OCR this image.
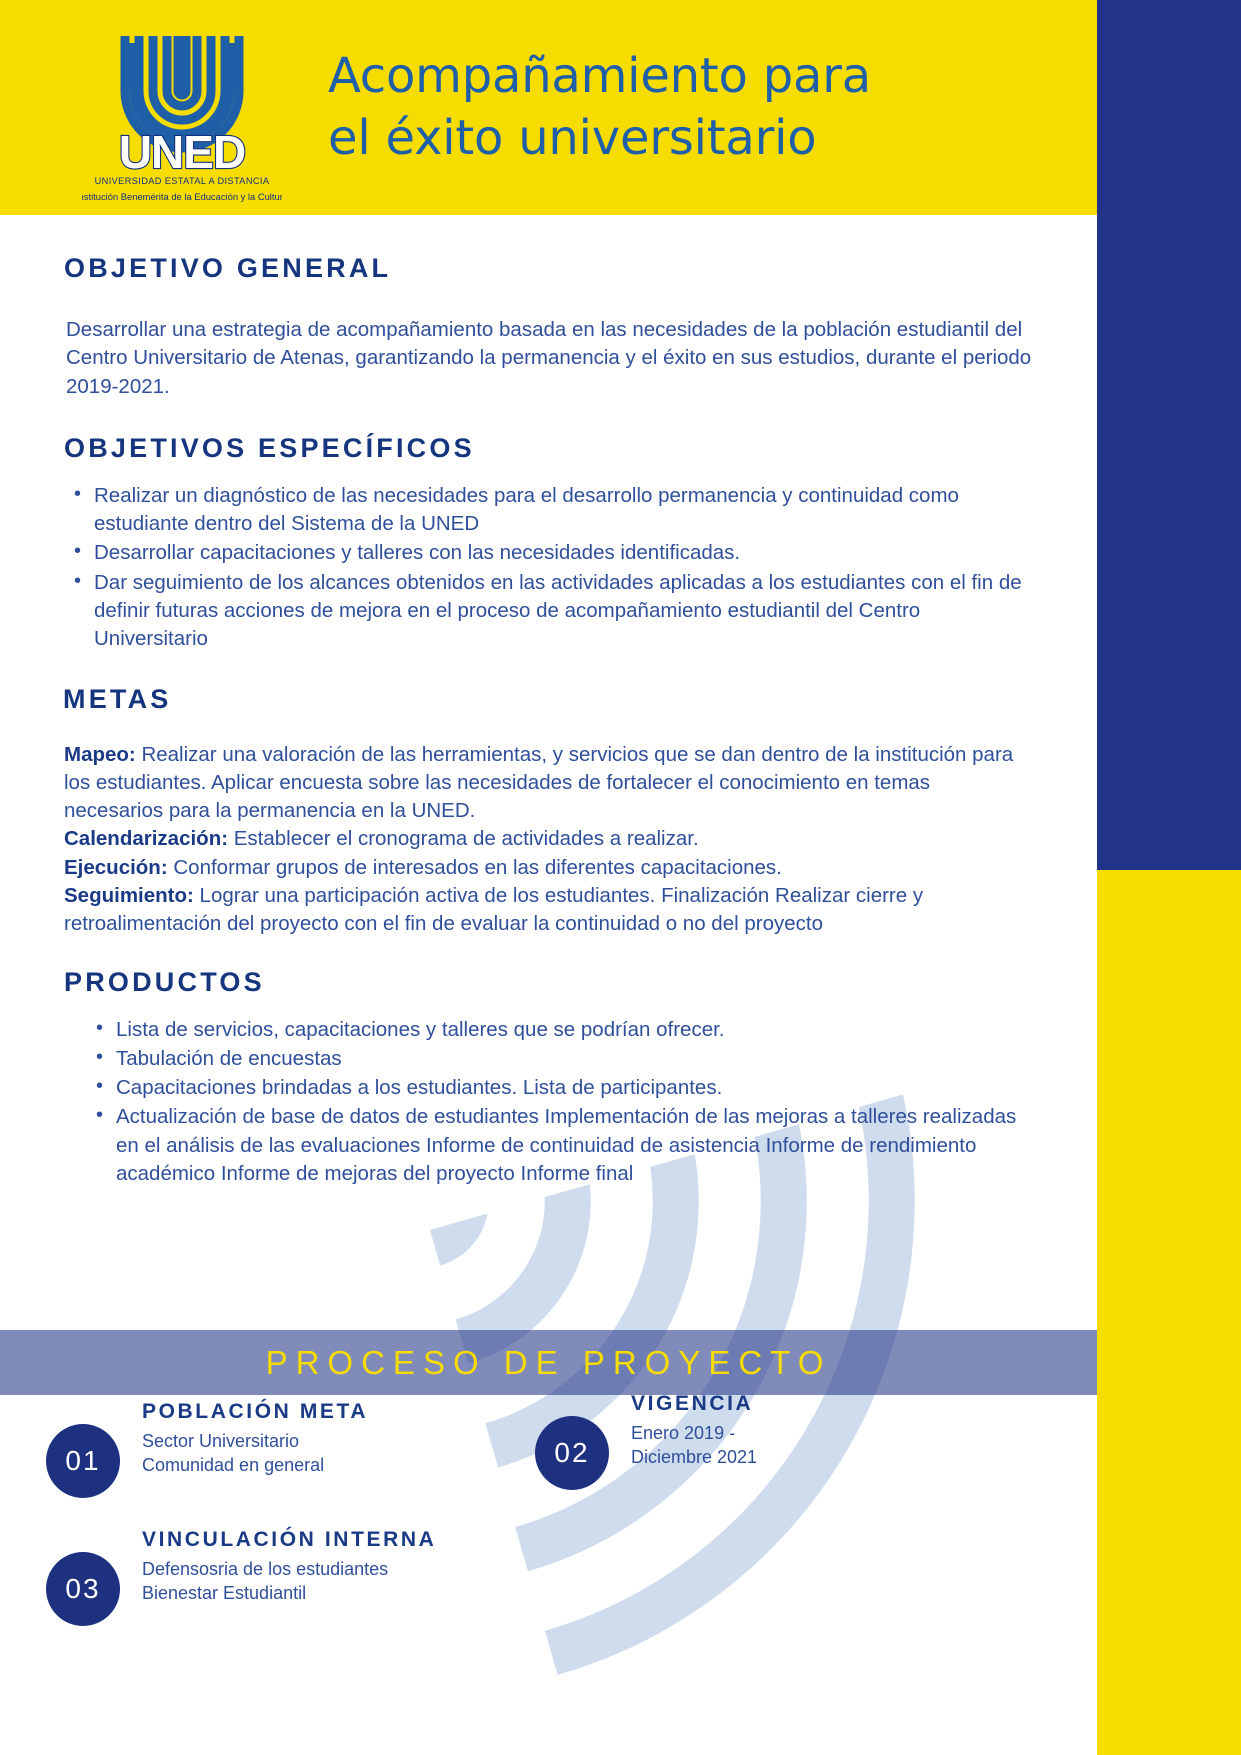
UNED
UNIVERSIDAD ESTATAL A DISTANCIA
Institución Benemérita de la Educación y la Cultura
Acompañamiento para
el éxito universitario
OBJETIVO GENERAL

Desarrollar una estrategia de acompañamiento basada en las necesidades de la población estudiantil del Centro Universitario de Atenas, garantizando la permanencia y el éxito en sus estudios, durante el periodo 2019-2021.

OBJETIVOS ESPECÍFICOS
• Realizar un diagnóstico de las necesidades para el desarrollo permanencia y continuidad como estudiante dentro del Sistema de la UNED
• Desarrollar capacitaciones y talleres con las necesidades identificadas.
• Dar seguimiento de los alcances obtenidos en las actividades aplicadas a los estudiantes con el fin de definir futuras acciones de mejora en el proceso de acompañamiento estudiantil del Centro Universitario
METAS

Mapeo: Realizar una valoración de las herramientas, y servicios que se dan dentro de la institución para los estudiantes. Aplicar encuesta sobre las necesidades de fortalecer el conocimiento en temas necesarios para la permanencia en la UNED.

Calendarización: Establecer el cronograma de actividades a realizar.

Ejecución: Conformar grupos de interesados en las diferentes capacitaciones.

Seguimiento: Lograr una participación activa de los estudiantes. Finalización Realizar cierre y retroalimentación del proyecto con el fin de evaluar la continuidad o no del proyecto

PRODUCTOS
• Lista de servicios, capacitaciones y talleres que se podrían ofrecer.
• Tabulación de encuestas
• Capacitaciones brindadas a los estudiantes. Lista de participantes.
• Actualización de base de datos de estudiantes Implementación de las mejoras a talleres realizadas en el análisis de las evaluaciones Informe de continuidad de asistencia Informe de rendimiento académico Informe de mejoras del proyecto Informe final
PROCESO DE PROYECTO
01
POBLACIÓN META
Sector Universitario
Comunidad en general	02
VIGENCIA
Enero 2019 -
Diciembre 2021
03
VINCULACIÓN INTERNA
Defensosria de los estudiantes
Bienestar Estudiantil
